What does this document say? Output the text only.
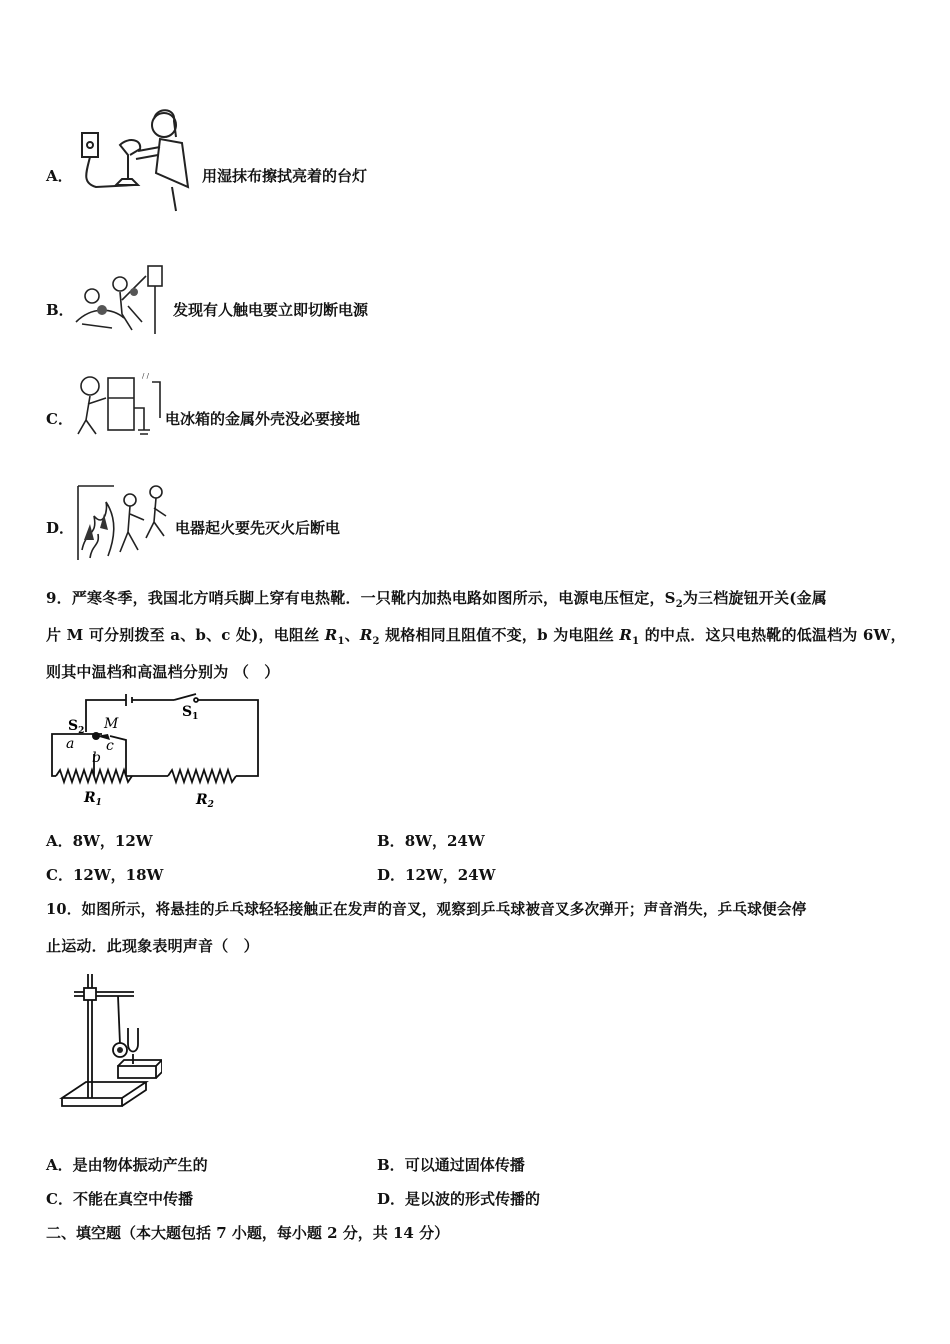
A．	用湿抹布擦拭亮着的台灯
B．	发现有人触电要立即切断电源
C．
/ /
电冰箱的金属外壳没必要接地
D．	电器起火要先灭火后断电
9．严寒冬季，我国北方哨兵脚上穿有电热靴．一只靴内加热电路如图所示，电源电压恒定，$S_2$为三档旋钮开关(金属
片 M 可分别拨至 a、b、c 处)，电阻丝 $R_1$、$R_2$ 规格相同且阻值不变，b 为电阻丝 $R_1$ 的中点．这只电热靴的低温档为 6W，
则其中温档和高温档分别为 （　）
$S_2$ M
$S_1$
a
b
c
$R_1$	$R_2$
A．8W，12W	B．8W，24W
C．12W，18W	D．12W，24W
10．如图所示，将悬挂的乒乓球轻轻接触正在发声的音叉，观察到乒乓球被音叉多次弹开；声音消失，乒乓球便会停
止运动．此现象表明声音（　）
A．是由物体振动产生的	B．可以通过固体传播
C．不能在真空中传播	D．是以波的形式传播的
二、填空题（本大题包括 7 小题，每小题 2 分，共 14 分）
